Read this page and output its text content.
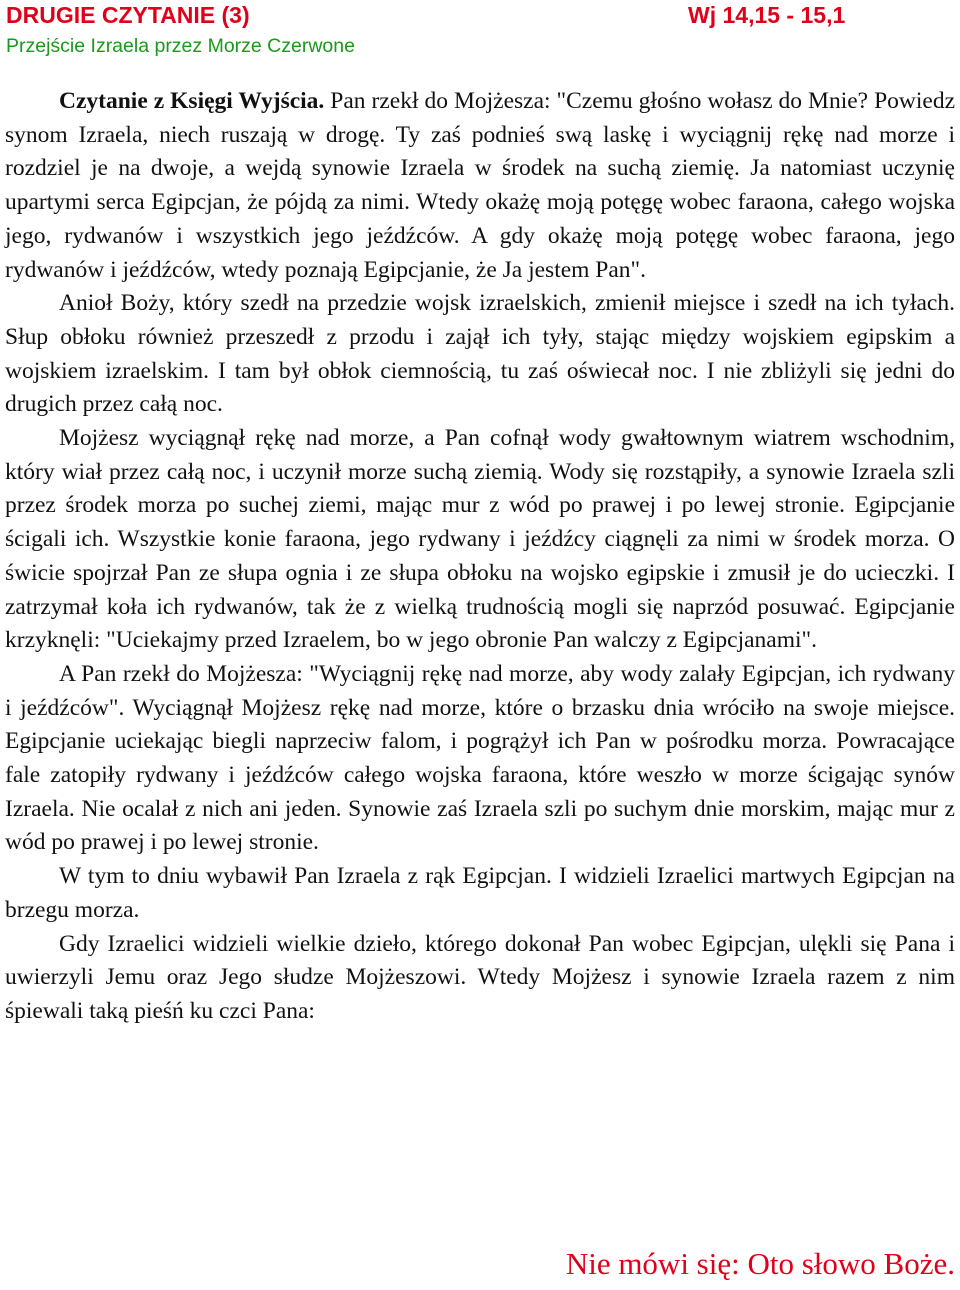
DRUGIE CZYTANIE (3)	Wj 14,15 - 15,1
Przejście Izraela przez Morze Czerwone

Czytanie z Księgi Wyjścia. Pan rzekł do Mojżesza: "Czemu głośno wołasz do Mnie? Powiedz synom Izraela, niech ruszają w drogę. Ty zaś podnieś swą laskę i wyciągnij rękę nad morze i rozdziel je na dwoje, a wejdą synowie Izraela w środek na suchą ziemię. Ja natomiast uczynię upartymi serca Egipcjan, że pójdą za nimi. Wtedy okażę moją potęgę wobec faraona, całego wojska jego, rydwanów i wszystkich jego jeźdźców. A gdy okażę moją potęgę wobec faraona, jego rydwanów i jeźdźców, wtedy poznają Egipcjanie, że Ja jestem Pan".

Anioł Boży, który szedł na przedzie wojsk izraelskich, zmienił miejsce i szedł na ich tyłach. Słup obłoku również przeszedł z przodu i zajął ich tyły, stając między wojskiem egipskim a wojskiem izraelskim. I tam był obłok ciemnością, tu zaś oświecał noc. I nie zbliżyli się jedni do drugich przez całą noc.

Mojżesz wyciągnął rękę nad morze, a Pan cofnął wody gwałtownym wiatrem wschodnim, który wiał przez całą noc, i uczynił morze suchą ziemią. Wody się rozstąpiły, a synowie Izraela szli przez środek morza po suchej ziemi, mając mur z wód po prawej i po lewej stronie. Egipcjanie ścigali ich. Wszystkie konie faraona, jego rydwany i jeźdźcy ciągnęli za nimi w środek morza. O świcie spojrzał Pan ze słupa ognia i ze słupa obłoku na wojsko egipskie i zmusił je do ucieczki. I zatrzymał koła ich rydwanów, tak że z wielką trudnością mogli się naprzód posuwać. Egipcjanie krzyknęli: "Uciekajmy przed Izraelem, bo w jego obronie Pan walczy z Egipcjanami".

A Pan rzekł do Mojżesza: "Wyciągnij rękę nad morze, aby wody zalały Egipcjan, ich rydwany i jeźdźców". Wyciągnął Mojżesz rękę nad morze, które o brzasku dnia wróciło na swoje miejsce. Egipcjanie uciekając biegli naprzeciw falom, i pogrążył ich Pan w pośrodku morza. Powracające fale zatopiły rydwany i jeźdźców całego wojska faraona, które weszło w morze ścigając synów Izraela. Nie ocalał z nich ani jeden. Synowie zaś Izraela szli po suchym dnie morskim, mając mur z wód po prawej i po lewej stronie.

W tym to dniu wybawił Pan Izraela z rąk Egipcjan. I widzieli Izraelici martwych Egipcjan na brzegu morza.

Gdy Izraelici widzieli wielkie dzieło, którego dokonał Pan wobec Egipcjan, ulękli się Pana i uwierzyli Jemu oraz Jego słudze Mojżeszowi. Wtedy Mojżesz i synowie Izraela razem z nim śpiewali taką pieśń ku czci Pana:

Nie mówi się: Oto słowo Boże.
